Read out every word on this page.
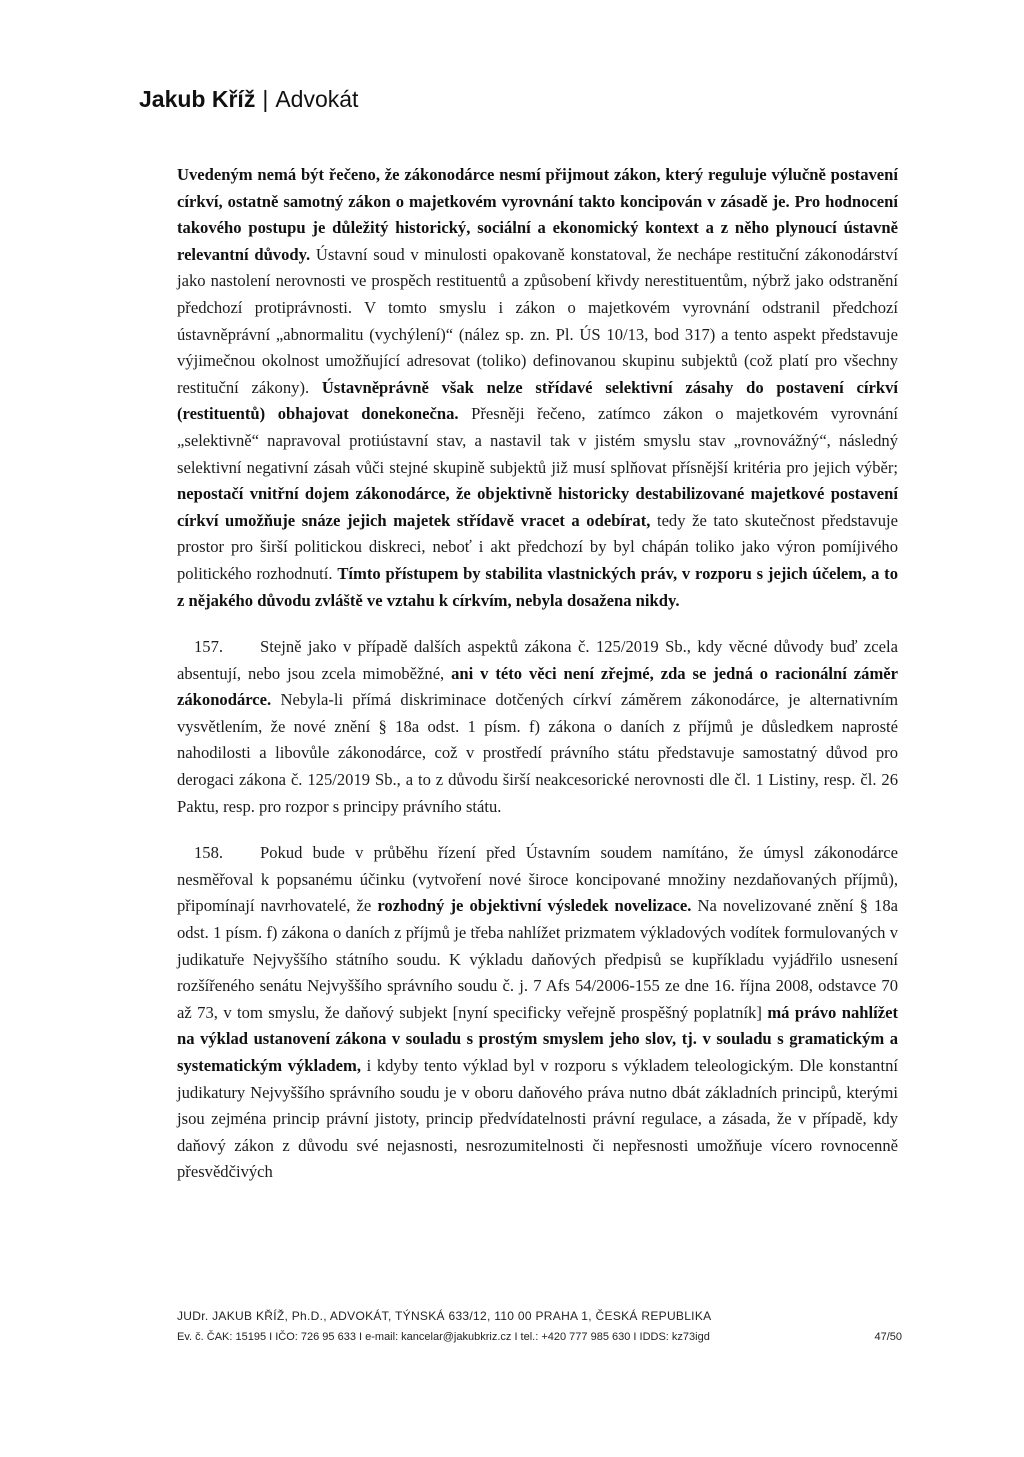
Jakub Kříž | Advokát

Uvedeným nemá být řečeno, že zákonodárce nesmí přijmout zákon, který reguluje výlučně postavení církví, ostatně samotný zákon o majetkovém vyrovnání takto koncipován v zásadě je. Pro hodnocení takového postupu je důležitý historický, sociální a ekonomický kontext a z něho plynoucí ústavně relevantní důvody. Ústavní soud v minulosti opakovaně konstatoval, že nechápe restituční zákonodárství jako nastolení nerovnosti ve prospěch restituentů a způsobení křivdy nerestituentům, nýbrž jako odstranění předchozí protiprávnosti. V tomto smyslu i zákon o majetkovém vyrovnání odstranil předchozí ústavněprávní „abnormalitu (vychýlení)“ (nález sp. zn. Pl. ÚS 10/13, bod 317) a tento aspekt představuje výjimečnou okolnost umožňující adresovat (toliko) definovanou skupinu subjektů (což platí pro všechny restituční zákony). Ústavněprávně však nelze střídavé selektivní zásahy do postavení církví (restituentů) obhajovat donekonečna. Přesněji řečeno, zatímco zákon o majetkovém vyrovnání „selektivně“ napravoval protiústavní stav, a nastavil tak v jistém smyslu stav „rovnovážný“, následný selektivní negativní zásah vůči stejné skupině subjektů již musí splňovat přísnější kritéria pro jejich výběr; nepostačí vnitřní dojem zákonodárce, že objektivně historicky destabilizované majetkové postavení církví umožňuje snáze jejich majetek střídavě vracet a odebírat, tedy že tato skutečnost představuje prostor pro širší politickou diskreci, neboť i akt předchozí by byl chápán toliko jako výron pomíjivého politického rozhodnutí. Tímto přístupem by stabilita vlastnických práv, v rozporu s jejich účelem, a to z nějakého důvodu zvláště ve vztahu k církvím, nebyla dosažena nikdy.

157. Stejně jako v případě dalších aspektů zákona č. 125/2019 Sb., kdy věcné důvody buď zcela absentují, nebo jsou zcela mimoběžné, ani v této věci není zřejmé, zda se jedná o racionální záměr zákonodárce. Nebyla-li přímá diskriminace dotčených církví záměrem zákonodárce, je alternativním vysvětlením, že nové znění § 18a odst. 1 písm. f) zákona o daních z příjmů je důsledkem naprosté nahodilosti a libovůle zákonodárce, což v prostředí právního státu představuje samostatný důvod pro derogaci zákona č. 125/2019 Sb., a to z důvodu širší neakcesorické nerovnosti dle čl. 1 Listiny, resp. čl. 26 Paktu, resp. pro rozpor s principy právního státu.

158. Pokud bude v průběhu řízení před Ústavním soudem namítáno, že úmysl zákonodárce nesměřoval k popsanému účinku (vytvoření nové široce koncipované množiny nezdaňovaných příjmů), připomínají navrhovatelé, že rozhodný je objektivní výsledek novelizace. Na novelizované znění § 18a odst. 1 písm. f) zákona o daních z příjmů je třeba nahlížet prizmatem výkladových vodítek formulovaných v judikatuře Nejvyššího státního soudu. K výkladu daňových předpisů se kupříkladu vyjádřilo usnesení rozšířeného senátu Nejvyššího správního soudu č. j. 7 Afs 54/2006-155 ze dne 16. října 2008, odstavce 70 až 73, v tom smyslu, že daňový subjekt [nyní specificky veřejně prospěšný poplatník] má právo nahlížet na výklad ustanovení zákona v souladu s prostým smyslem jeho slov, tj. v souladu s gramatickým a systematickým výkladem, i kdyby tento výklad byl v rozporu s výkladem teleologickým. Dle konstantní judikatury Nejvyššího správního soudu je v oboru daňového práva nutno dbát základních principů, kterými jsou zejména princip právní jistoty, princip předvídatelnosti právní regulace, a zásada, že v případě, kdy daňový zákon z důvodu své nejasnosti, nesrozumitelnosti či nepřesnosti umožňuje vícero rovnocenně přesvědčivých

JUDr. JAKUB KŘÍŽ, Ph.D., ADVOKÁT, TÝNSKÁ 633/12, 110 00 PRAHA 1, ČESKÁ REPUBLIKA
Ev. č. ČAK: 15195 I IČO: 726 95 633 I e-mail: kancelar@jakubkriz.cz I tel.: +420 777 985 630 I IDDS: kz73igd	47/50
